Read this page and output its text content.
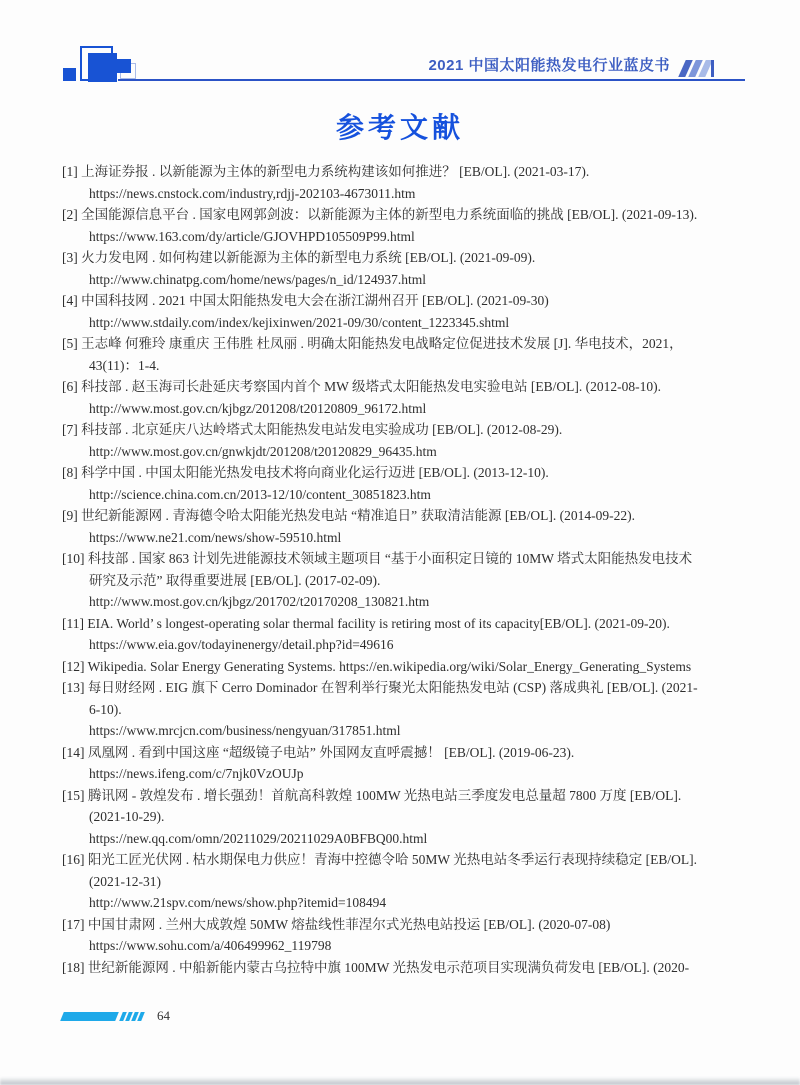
2021 中国太阳能热发电行业蓝皮书
参考文献
[1] 上海证券报 . 以新能源为主体的新型电力系统构建该如何推进？ [EB/OL]. (2021-03-17).
https://news.cnstock.com/industry,rdjj-202103-4673011.htm
[2] 全国能源信息平台 . 国家电网郭剑波：以新能源为主体的新型电力系统面临的挑战 [EB/OL]. (2021-09-13).
https://www.163.com/dy/article/GJOVHPD105509P99.html
[3] 火力发电网 . 如何构建以新能源为主体的新型电力系统 [EB/OL]. (2021-09-09).
http://www.chinatpg.com/home/news/pages/n_id/124937.html
[4] 中国科技网 . 2021 中国太阳能热发电大会在浙江湖州召开 [EB/OL]. (2021-09-30)
http://www.stdaily.com/index/kejixinwen/2021-09/30/content_1223345.shtml
[5] 王志峰 何雅玲 康重庆 王伟胜 杜凤丽 . 明确太阳能热发电战略定位促进技术发展 [J]. 华电技术，2021，
43(11)：1-4.
[6] 科技部 . 赵玉海司长赴延庆考察国内首个 MW 级塔式太阳能热发电实验电站 [EB/OL]. (2012-08-10).
http://www.most.gov.cn/kjbgz/201208/t20120809_96172.html
[7] 科技部 . 北京延庆八达岭塔式太阳能热发电站发电实验成功 [EB/OL]. (2012-08-29).
http://www.most.gov.cn/gnwkjdt/201208/t20120829_96435.htm
[8] 科学中国 . 中国太阳能光热发电技术将向商业化运行迈进 [EB/OL]. (2013-12-10).
http://science.china.com.cn/2013-12/10/content_30851823.htm
[9] 世纪新能源网 . 青海德令哈太阳能光热发电站 “精准追日” 获取清洁能源 [EB/OL]. (2014-09-22).
https://www.ne21.com/news/show-59510.html
[10] 科技部 . 国家 863 计划先进能源技术领域主题项目 “基于小面积定日镜的 10MW 塔式太阳能热发电技术
研究及示范” 取得重要进展 [EB/OL]. (2017-02-09).
http://www.most.gov.cn/kjbgz/201702/t20170208_130821.htm
[11] EIA. World’ s longest-operating solar thermal facility is retiring most of its capacity[EB/OL]. (2021-09-20).
https://www.eia.gov/todayinenergy/detail.php?id=49616
[12] Wikipedia. Solar Energy Generating Systems. https://en.wikipedia.org/wiki/Solar_Energy_Generating_Systems
[13] 每日财经网 . EIG 旗下 Cerro Dominador 在智利举行聚光太阳能热发电站 (CSP) 落成典礼 [EB/OL]. (2021-
6-10).
https://www.mrcjcn.com/business/nengyuan/317851.html
[14] 凤凰网 . 看到中国这座 “超级镜子电站” 外国网友直呼震撼！ [EB/OL]. (2019-06-23).
https://news.ifeng.com/c/7njk0VzOUJp
[15] 腾讯网 - 敦煌发布 . 增长强劲！首航高科敦煌 100MW 光热电站三季度发电总量超 7800 万度 [EB/OL].
(2021-10-29).
https://new.qq.com/omn/20211029/20211029A0BFBQ00.html
[16] 阳光工匠光伏网 . 枯水期保电力供应！青海中控德令哈 50MW 光热电站冬季运行表现持续稳定 [EB/OL].
(2021-12-31)
http://www.21spv.com/news/show.php?itemid=108494
[17] 中国甘肃网 . 兰州大成敦煌 50MW 熔盐线性菲涅尔式光热电站投运 [EB/OL]. (2020-07-08)
https://www.sohu.com/a/406499962_119798
[18] 世纪新能源网 . 中船新能内蒙古乌拉特中旗 100MW 光热发电示范项目实现满负荷发电 [EB/OL]. (2020-
64
